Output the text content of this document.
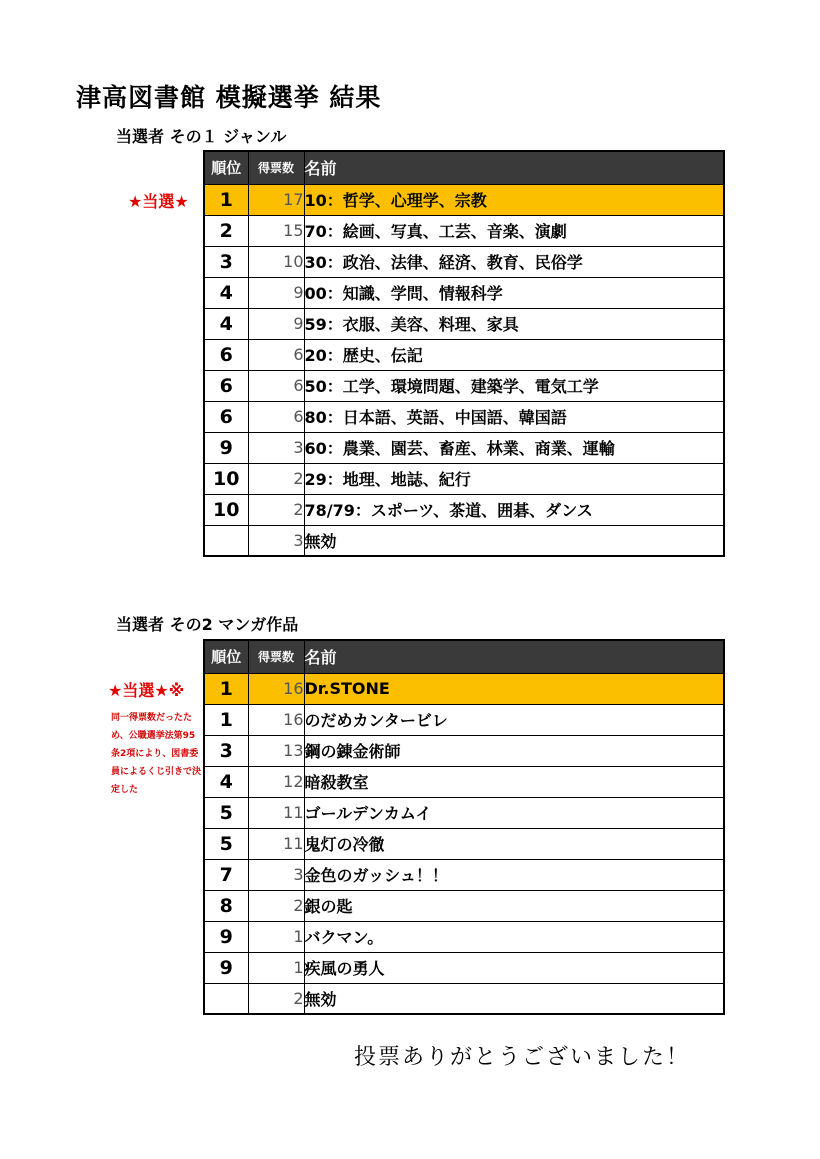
津高図書館 模擬選挙 結果
当選者 その１ ジャンル
★当選★
順位	得票数	名前
1	17	10：哲学、心理学、宗教
2	15	70：絵画、写真、工芸、音楽、演劇
3	10	30：政治、法律、経済、教育、民俗学
4	9	00：知識、学問、情報科学
4	9	59：衣服、美容、料理、家具
6	6	20：歴史、伝記
6	6	50：工学、環境問題、建築学、電気工学
6	6	80：日本語、英語、中国語、韓国語
9	3	60：農業、園芸、畜産、林業、商業、運輸
10	2	29：地理、地誌、紀行
10	2	78/79：スポーツ、茶道、囲碁、ダンス
	3	無効
当選者 その2 マンガ作品
★当選★※
同一得票数だったため、公職選挙法第95条2項により、図書委員によるくじ引きで決定した
順位	得票数	名前
1	16	Dr.STONE
1	16	のだめカンタービレ
3	13	鋼の錬金術師
4	12	暗殺教室
5	11	ゴールデンカムイ
5	11	鬼灯の冷徹
7	3	金色のガッシュ！！
8	2	銀の匙
9	1	バクマン。
9	1	疾風の勇人
	2	無効
投票ありがとうございました！
